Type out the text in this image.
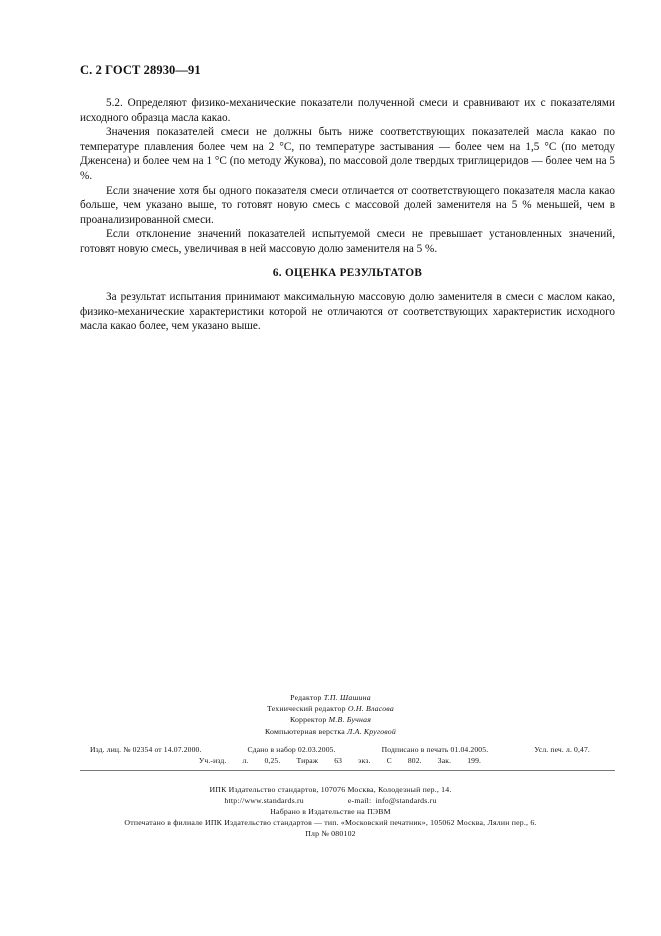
С. 2 ГОСТ 28930—91

5.2. Определяют физико-механические показатели полученной смеси и сравнивают их с показателями исходного образца масла какао.

Значения показателей смеси не должны быть ниже соответствующих показателей масла какао по температуре плавления более чем на 2 °С, по температуре застывания — более чем на 1,5 °С (по методу Дженсена) и более чем на 1 °С (по методу Жукова), по массовой доле твердых триглицеридов — более чем на 5 %.

Если значение хотя бы одного показателя смеси отличается от соответствующего показателя масла какао больше, чем указано выше, то готовят новую смесь с массовой долей заменителя на 5 % меньшей, чем в проанализированной смеси.

Если отклонение значений показателей испытуемой смеси не превышает установленных значений, готовят новую смесь, увеличивая в ней массовую долю заменителя на 5 %.

6. ОЦЕНКА РЕЗУЛЬТАТОВ

За результат испытания принимают максимальную массовую долю заменителя в смеси с маслом какао, физико-механические характеристики которой не отличаются от соответствующих характеристик исходного масла какао более, чем указано выше.

Редактор Т.П. Шашина
Технический редактор О.Н. Власова
Корректор М.В. Бучная
Компьютерная верстка Л.А. Круговой
Изд. лиц. № 02354 от 14.07.2000.	Сдано в набор 02.03.2005.	Подписано в печать 01.04.2005.	Усл. печ. л. 0,47.
Уч.-изд. л. 0,25. Тираж 63 экз. С 802. Зак. 199.
ИПК Издательство стандартов, 107076 Москва, Колодезный пер., 14.
http://www.standards.ru	e-mail: info@standards.ru
Набрано в Издательстве на ПЭВМ
Отпечатано в филиале ИПК Издательство стандартов — тип. «Московский печатник», 105062 Москва, Лялин пер., 6.
Плр № 080102
